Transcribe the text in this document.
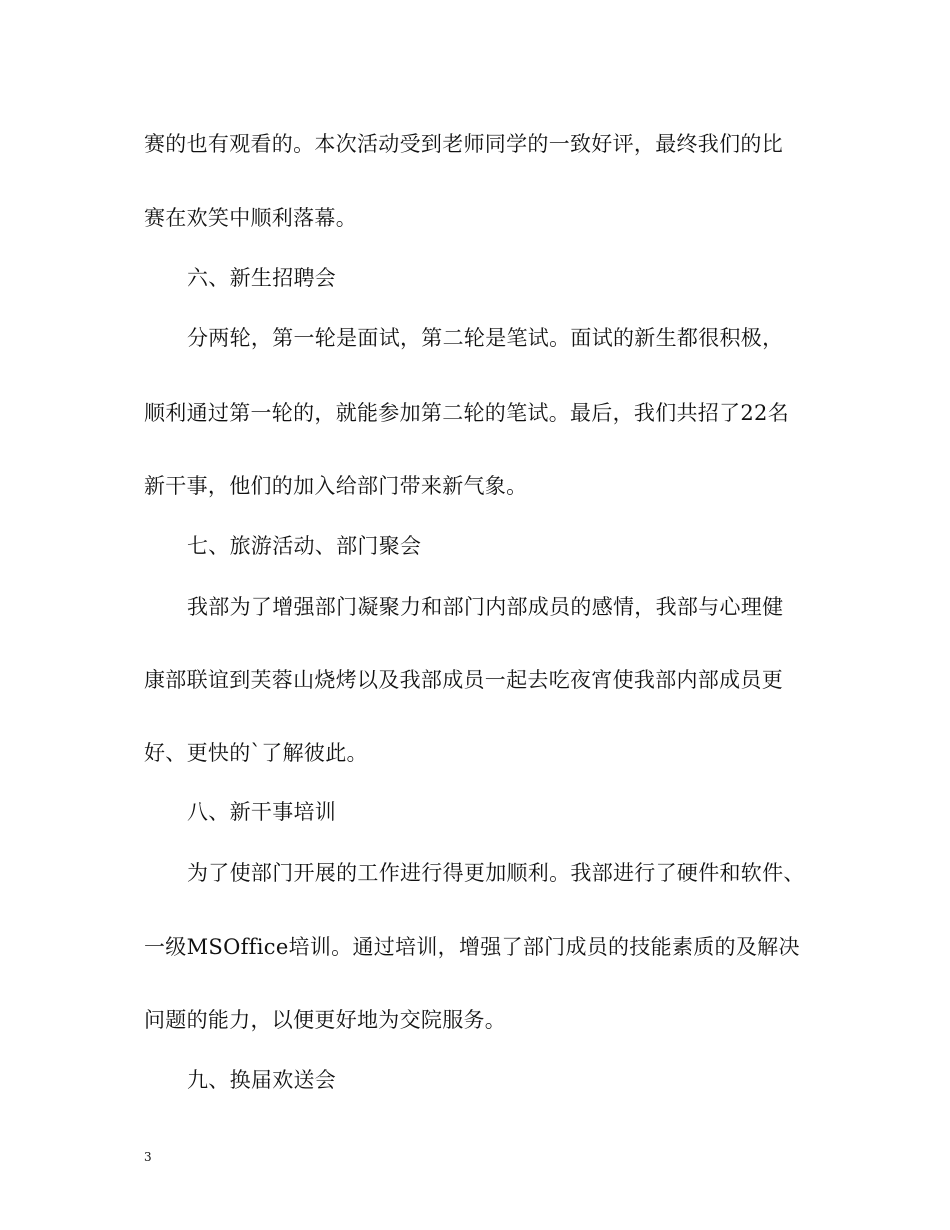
赛的也有观看的。本次活动受到老师同学的一致好评，最终我们的比
赛在欢笑中顺利落幕。
六、新生招聘会
分两轮，第一轮是面试，第二轮是笔试。面试的新生都很积极，
顺利通过第一轮的，就能参加第二轮的笔试。最后，我们共招了22名
新干事，他们的加入给部门带来新气象。
七、旅游活动、部门聚会
我部为了增强部门凝聚力和部门内部成员的感情，我部与心理健
康部联谊到芙蓉山烧烤以及我部成员一起去吃夜宵使我部内部成员更
好、更快的`了解彼此。
八、新干事培训
为了使部门开展的工作进行得更加顺利。我部进行了硬件和软件、
一级MSOffice培训。通过培训，增强了部门成员的技能素质的及解决
问题的能力，以便更好地为交院服务。
九、换届欢送会
3
